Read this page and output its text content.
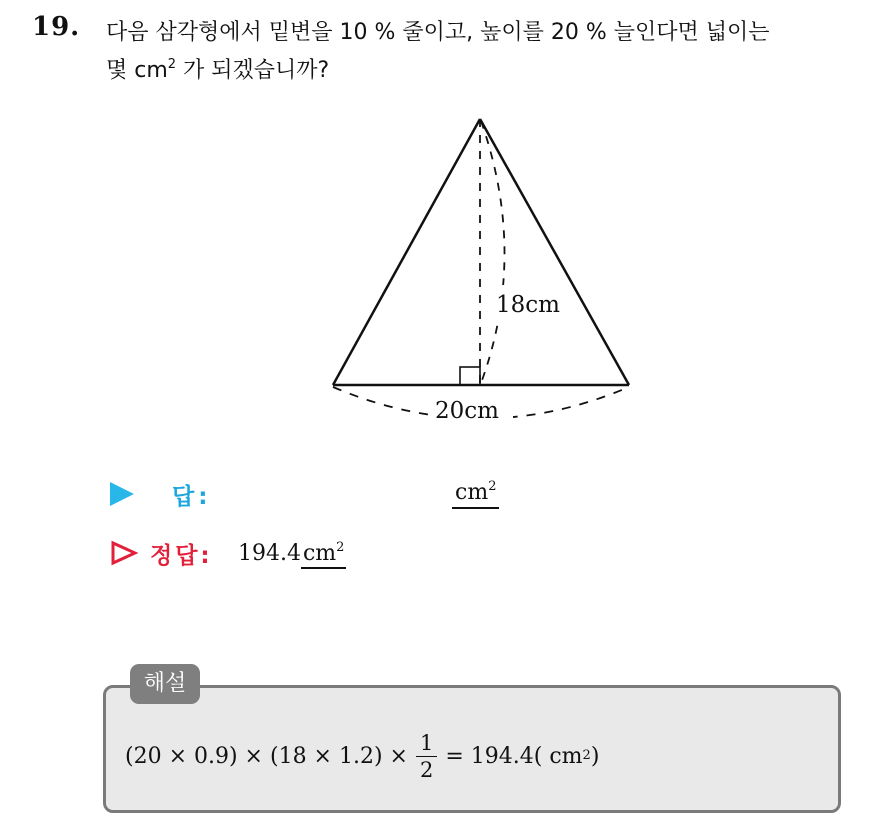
19. 다음 삼각형에서 밑변을 10 % 줄이고, 높이를 20 % 늘인다면 넓이는
몇 $cm^2$ 가 되겠습니까?
18cm
20cm
답:	$cm^2$
정답: $194.4cm^2$
해설
$(20 \times 0.9) \times (18 \times 1.2) \times \frac{1}{2} = 194.4$( cm 2 )
